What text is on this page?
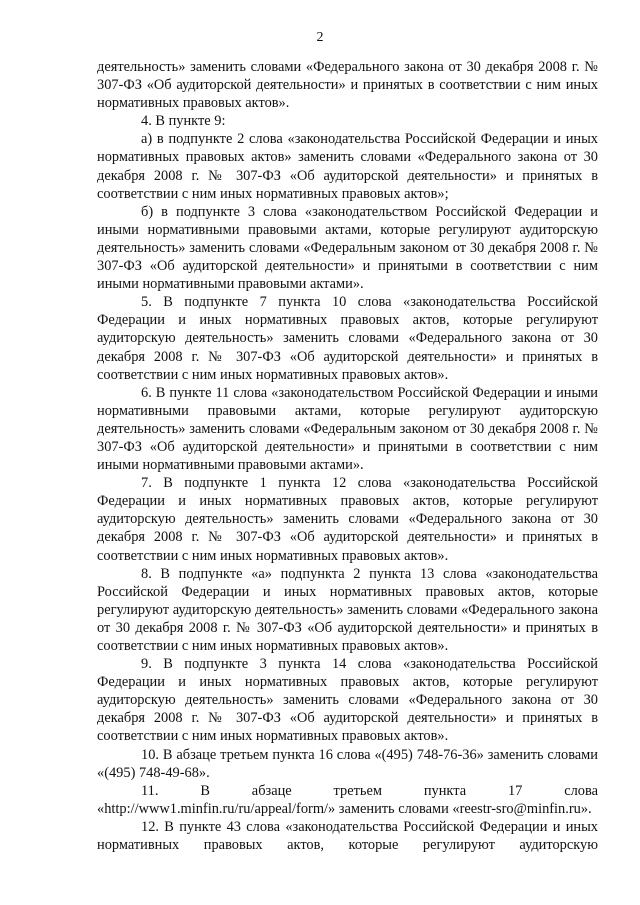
2

деятельность» заменить словами «Федерального закона от 30 декабря 2008 г. № 307-ФЗ «Об аудиторской деятельности» и принятых в соответствии с ним иных нормативных правовых актов».

4. В пункте 9:

а) в подпункте 2 слова «законодательства Российской Федерации и иных нормативных правовых актов» заменить словами «Федерального закона от 30 декабря 2008 г. № 307-ФЗ «Об аудиторской деятельности» и принятых в соответствии с ним иных нормативных правовых актов»;

б) в подпункте 3 слова «законодательством Российской Федерации и иными нормативными правовыми актами, которые регулируют аудиторскую деятельность» заменить словами «Федеральным законом от 30 декабря 2008 г. № 307-ФЗ «Об аудиторской деятельности» и принятыми в соответствии с ним иными нормативными правовыми актами».

5. В подпункте 7 пункта 10 слова «законодательства Российской Федерации и иных нормативных правовых актов, которые регулируют аудиторскую деятельность» заменить словами «Федерального закона от 30 декабря 2008 г. № 307-ФЗ «Об аудиторской деятельности» и принятых в соответствии с ним иных нормативных правовых актов».

6. В пункте 11 слова «законодательством Российской Федерации и иными нормативными правовыми актами, которые регулируют аудиторскую деятельность» заменить словами «Федеральным законом от 30 декабря 2008 г. № 307-ФЗ «Об аудиторской деятельности» и принятыми в соответствии с ним иными нормативными правовыми актами».

7. В подпункте 1 пункта 12 слова «законодательства Российской Федерации и иных нормативных правовых актов, которые регулируют аудиторскую деятельность» заменить словами «Федерального закона от 30 декабря 2008 г. № 307-ФЗ «Об аудиторской деятельности» и принятых в соответствии с ним иных нормативных правовых актов».

8. В подпункте «а» подпункта 2 пункта 13 слова «законодательства Российской Федерации и иных нормативных правовых актов, которые регулируют аудиторскую деятельность» заменить словами «Федерального закона от 30 декабря 2008 г. № 307-ФЗ «Об аудиторской деятельности» и принятых в соответствии с ним иных нормативных правовых актов».

9. В подпункте 3 пункта 14 слова «законодательства Российской Федерации и иных нормативных правовых актов, которые регулируют аудиторскую деятельность» заменить словами «Федерального закона от 30 декабря 2008 г. № 307-ФЗ «Об аудиторской деятельности» и принятых в соответствии с ним иных нормативных правовых актов».

10. В абзаце третьем пункта 16 слова «(495) 748-76-36» заменить словами «(495) 748-49-68».

11. В абзаце третьем пункта 17 слова «http://www1.minfin.ru/ru/appeal/form/» заменить словами «reestr-sro@minfin.ru».

12. В пункте 43 слова «законодательства Российской Федерации и иных нормативных правовых актов, которые регулируют аудиторскую
